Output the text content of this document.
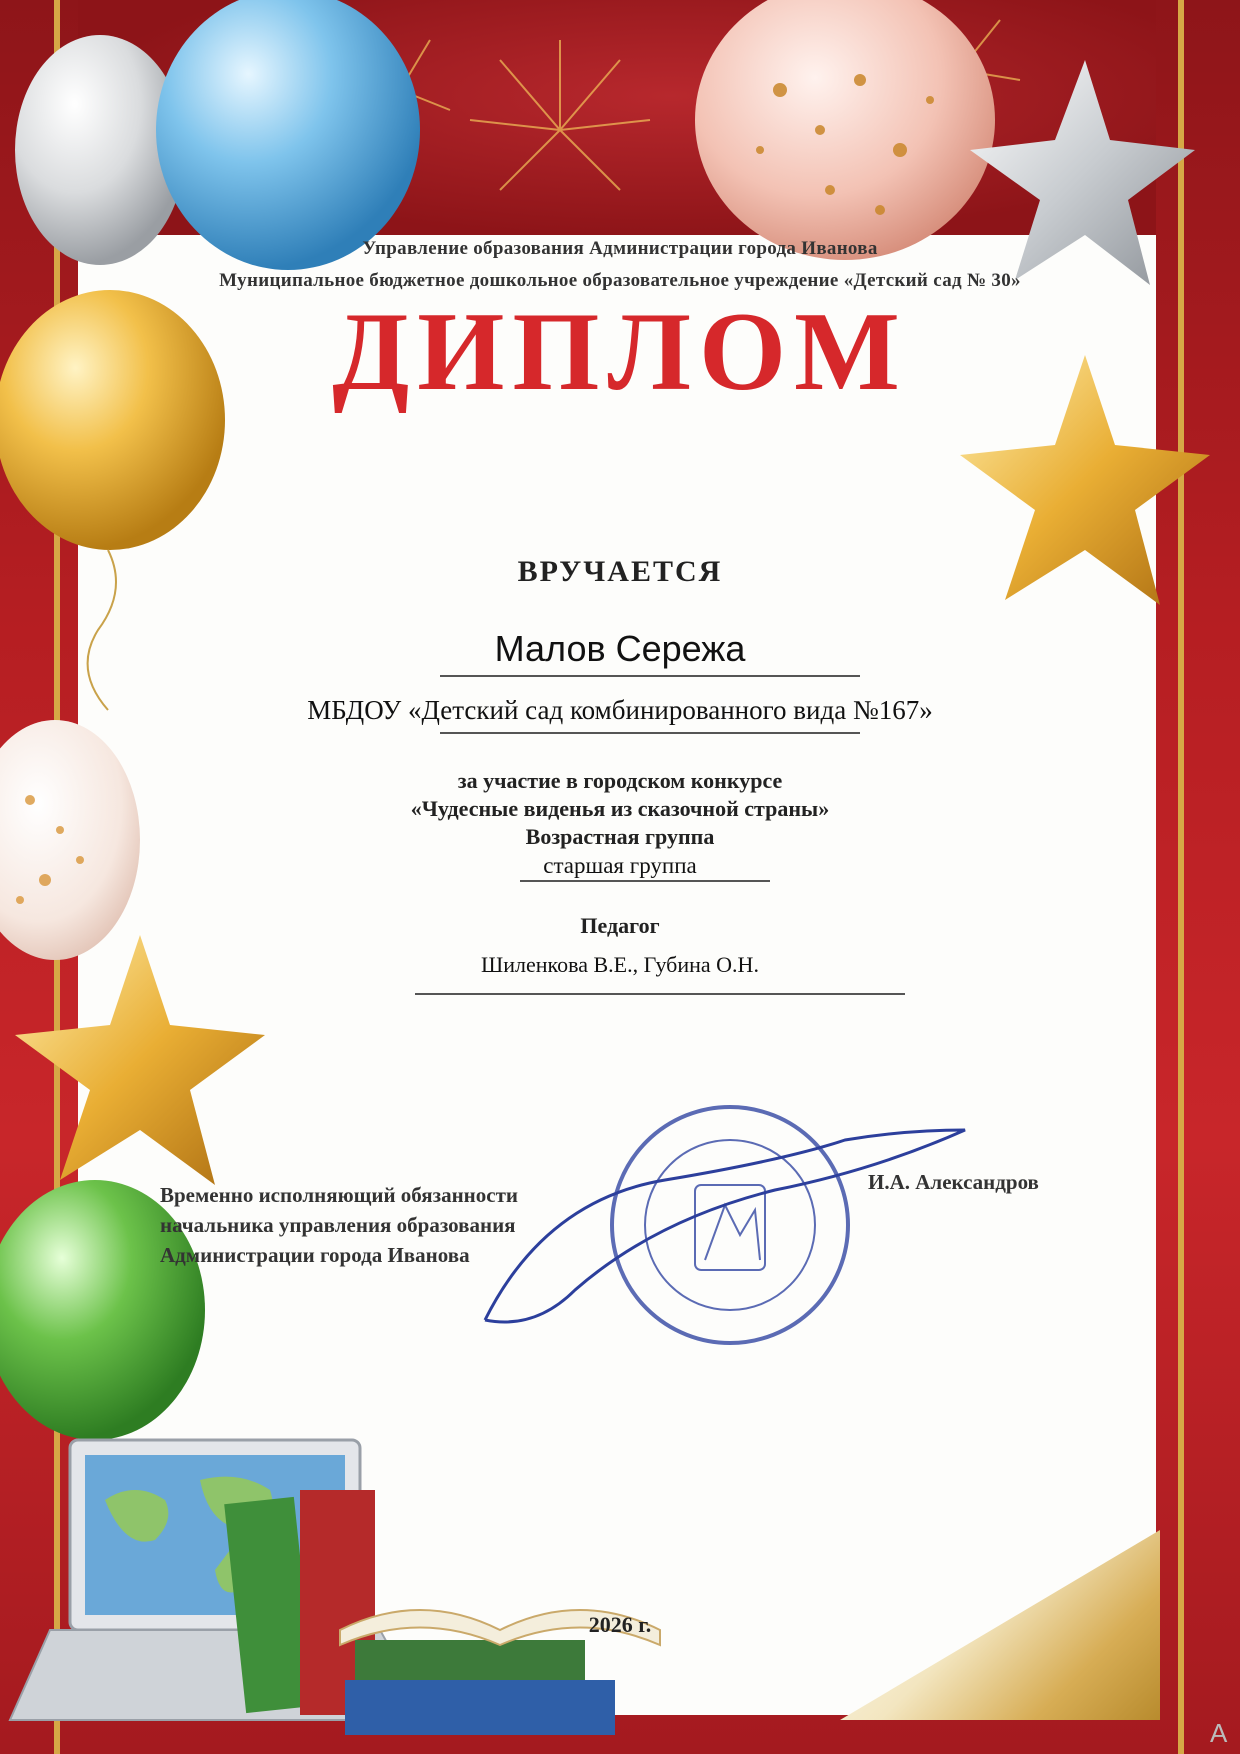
Управление образования Администрации города Иванова
Муниципальное бюджетное дошкольное образовательное учреждение «Детский сад № 30»
ДИПЛОМ
ВРУЧАЕТСЯ
Малов Сережа
МБДОУ «Детский сад комбинированного вида №167»
за участие в городском конкурсе
«Чудесные виденья из сказочной страны»
Возрастная группа
старшая группа
Педагог
Шиленкова В.Е., Губина О.Н.
Временно исполняющий обязанности
начальника управления образования
Администрации города Иванова
И.А. Александров
2026 г.
А
